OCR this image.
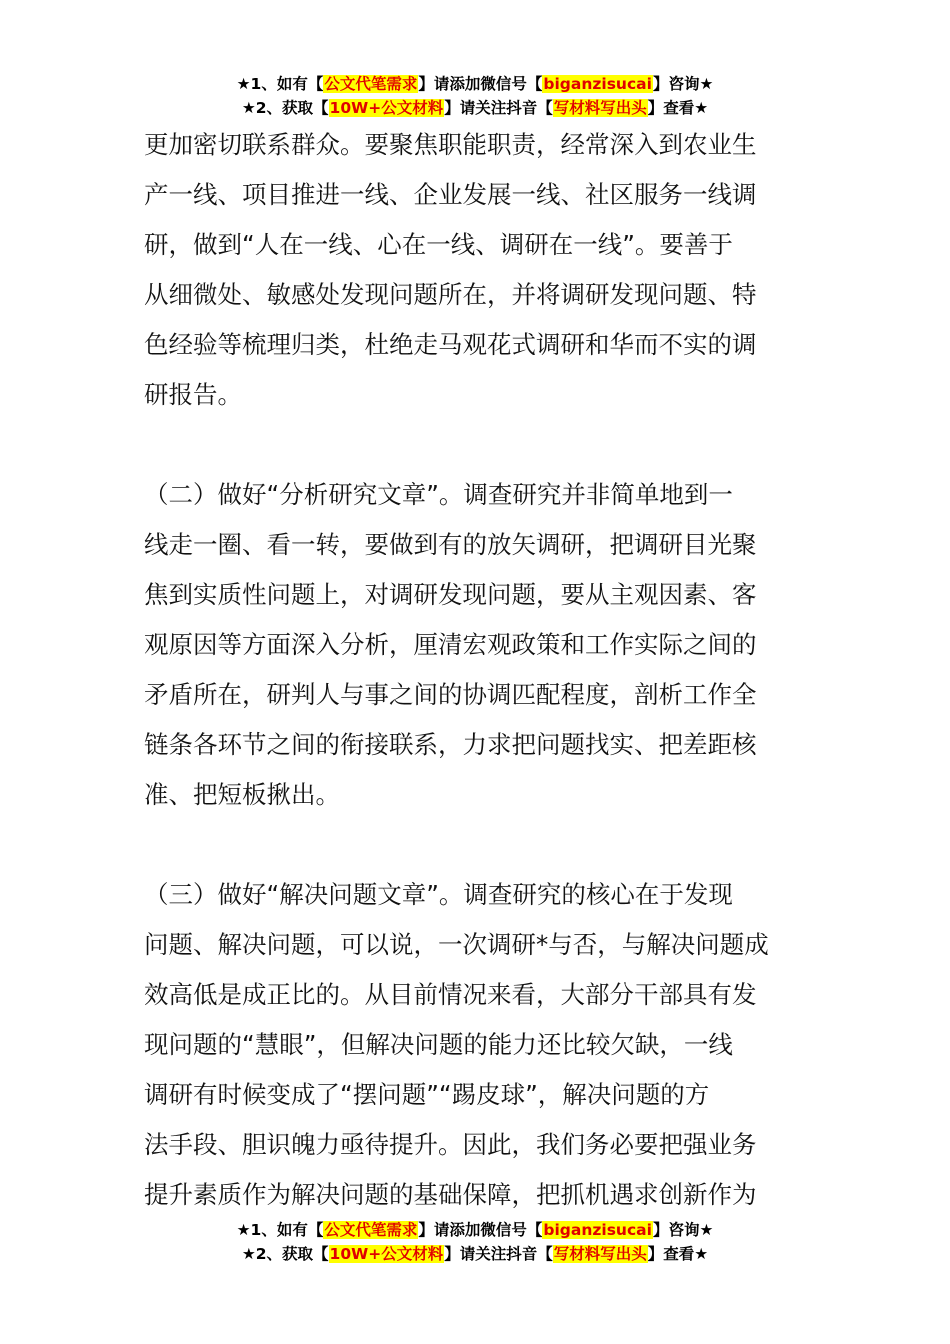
★1、如有【公文代笔需求】请添加微信号【biganzisucai】咨询★
★2、获取【10W+公文材料】请关注抖音【写材料写出头】查看★
更加密切联系群众。要聚焦职能职责，经常深入到农业生
产一线、项目推进一线、企业发展一线、社区服务一线调
研，做到“人在一线、心在一线、调研在一线”。要善于
从细微处、敏感处发现问题所在，并将调研发现问题、特
色经验等梳理归类，杜绝走马观花式调研和华而不实的调
研报告。
（二）做好“分析研究文章”。调查研究并非简单地到一
线走一圈、看一转，要做到有的放矢调研，把调研目光聚
焦到实质性问题上，对调研发现问题，要从主观因素、客
观原因等方面深入分析，厘清宏观政策和工作实际之间的
矛盾所在，研判人与事之间的协调匹配程度，剖析工作全
链条各环节之间的衔接联系，力求把问题找实、把差距核
准、把短板揪出。
（三）做好“解决问题文章”。调查研究的核心在于发现
问题、解决问题，可以说，一次调研*与否，与解决问题成
效高低是成正比的。从目前情况来看，大部分干部具有发
现问题的“慧眼”，但解决问题的能力还比较欠缺，一线
调研有时候变成了“摆问题”“踢皮球”，解决问题的方
法手段、胆识魄力亟待提升。因此，我们务必要把强业务
提升素质作为解决问题的基础保障，把抓机遇求创新作为
★1、如有【公文代笔需求】请添加微信号【biganzisucai】咨询★
★2、获取【10W+公文材料】请关注抖音【写材料写出头】查看★
